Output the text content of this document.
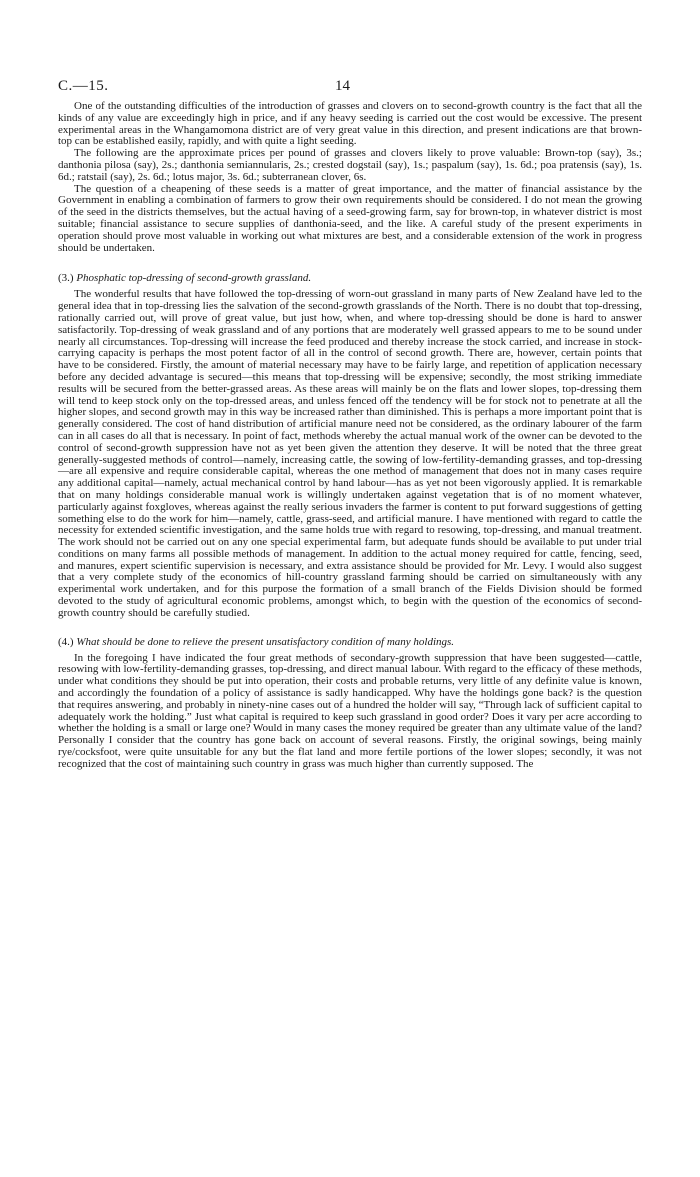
C.—15.	14

One of the outstanding difficulties of the introduction of grasses and clovers on to second-growth country is the fact that all the kinds of any value are exceedingly high in price, and if any heavy seeding is carried out the cost would be excessive. The present experimental areas in the Whangamomona district are of very great value in this direction, and present indications are that brown-top can be established easily, rapidly, and with quite a light seeding.

The following are the approximate prices per pound of grasses and clovers likely to prove valuable: Brown-top (say), 3s.; danthonia pilosa (say), 2s.; danthonia semiannularis, 2s.; crested dogstail (say), 1s.; paspalum (say), 1s. 6d.; poa pratensis (say), 1s. 6d.; ratstail (say), 2s. 6d.; lotus major, 3s. 6d.; subterranean clover, 6s.

The question of a cheapening of these seeds is a matter of great importance, and the matter of financial assistance by the Government in enabling a combination of farmers to grow their own requirements should be considered. I do not mean the growing of the seed in the districts themselves, but the actual having of a seed-growing farm, say for brown-top, in whatever district is most suitable; financial assistance to secure supplies of danthonia-seed, and the like. A careful study of the present experiments in operation should prove most valuable in working out what mixtures are best, and a considerable extension of the work in progress should be undertaken.

(3.) Phosphatic top-dressing of second-growth grassland.

The wonderful results that have followed the top-dressing of worn-out grassland in many parts of New Zealand have led to the general idea that in top-dressing lies the salvation of the second-growth grasslands of the North. There is no doubt that top-dressing, rationally carried out, will prove of great value, but just how, when, and where top-dressing should be done is hard to answer satisfactorily. Top-dressing of weak grassland and of any portions that are moderately well grassed appears to me to be sound under nearly all circumstances. Top-dressing will increase the feed produced and thereby increase the stock carried, and increase in stock-carrying capacity is perhaps the most potent factor of all in the control of second growth. There are, however, certain points that have to be considered. Firstly, the amount of material necessary may have to be fairly large, and repetition of application necessary before any decided advantage is secured—this means that top-dressing will be expensive; secondly, the most striking immediate results will be secured from the better-grassed areas. As these areas will mainly be on the flats and lower slopes, top-dressing them will tend to keep stock only on the top-dressed areas, and unless fenced off the tendency will be for stock not to penetrate at all the higher slopes, and second growth may in this way be increased rather than diminished. This is perhaps a more important point that is generally considered. The cost of hand distribution of artificial manure need not be considered, as the ordinary labourer of the farm can in all cases do all that is necessary. In point of fact, methods whereby the actual manual work of the owner can be devoted to the control of second-growth suppression have not as yet been given the attention they deserve. It will be noted that the three great generally-suggested methods of control—namely, increasing cattle, the sowing of low-fertility-demanding grasses, and top-dressing—are all expensive and require considerable capital, whereas the one method of management that does not in many cases require any additional capital—namely, actual mechanical control by hand labour—has as yet not been vigorously applied. It is remarkable that on many holdings considerable manual work is willingly undertaken against vegetation that is of no moment whatever, particularly against foxgloves, whereas against the really serious invaders the farmer is content to put forward suggestions of getting something else to do the work for him—namely, cattle, grass-seed, and artificial manure. I have mentioned with regard to cattle the necessity for extended scientific investigation, and the same holds true with regard to resowing, top-dressing, and manual treatment. The work should not be carried out on any one special experimental farm, but adequate funds should be available to put under trial conditions on many farms all possible methods of management. In addition to the actual money required for cattle, fencing, seed, and manures, expert scientific supervision is necessary, and extra assistance should be provided for Mr. Levy. I would also suggest that a very complete study of the economics of hill-country grassland farming should be carried on simultaneously with any experimental work undertaken, and for this purpose the formation of a small branch of the Fields Division should be formed devoted to the study of agricultural economic problems, amongst which, to begin with the question of the economics of second-growth country should be carefully studied.

(4.) What should be done to relieve the present unsatisfactory condition of many holdings.

In the foregoing I have indicated the four great methods of secondary-growth suppression that have been suggested—cattle, resowing with low-fertility-demanding grasses, top-dressing, and direct manual labour. With regard to the efficacy of these methods, under what conditions they should be put into operation, their costs and probable returns, very little of any definite value is known, and accordingly the foundation of a policy of assistance is sadly handicapped. Why have the holdings gone back? is the question that requires answering, and probably in ninety-nine cases out of a hundred the holder will say, “Through lack of sufficient capital to adequately work the holding.” Just what capital is required to keep such grassland in good order? Does it vary per acre according to whether the holding is a small or large one? Would in many cases the money required be greater than any ultimate value of the land? Personally I consider that the country has gone back on account of several reasons. Firstly, the original sowings, being mainly rye/cocksfoot, were quite unsuitable for any but the flat land and more fertile portions of the lower slopes; secondly, it was not recognized that the cost of maintaining such country in grass was much higher than currently supposed. The
